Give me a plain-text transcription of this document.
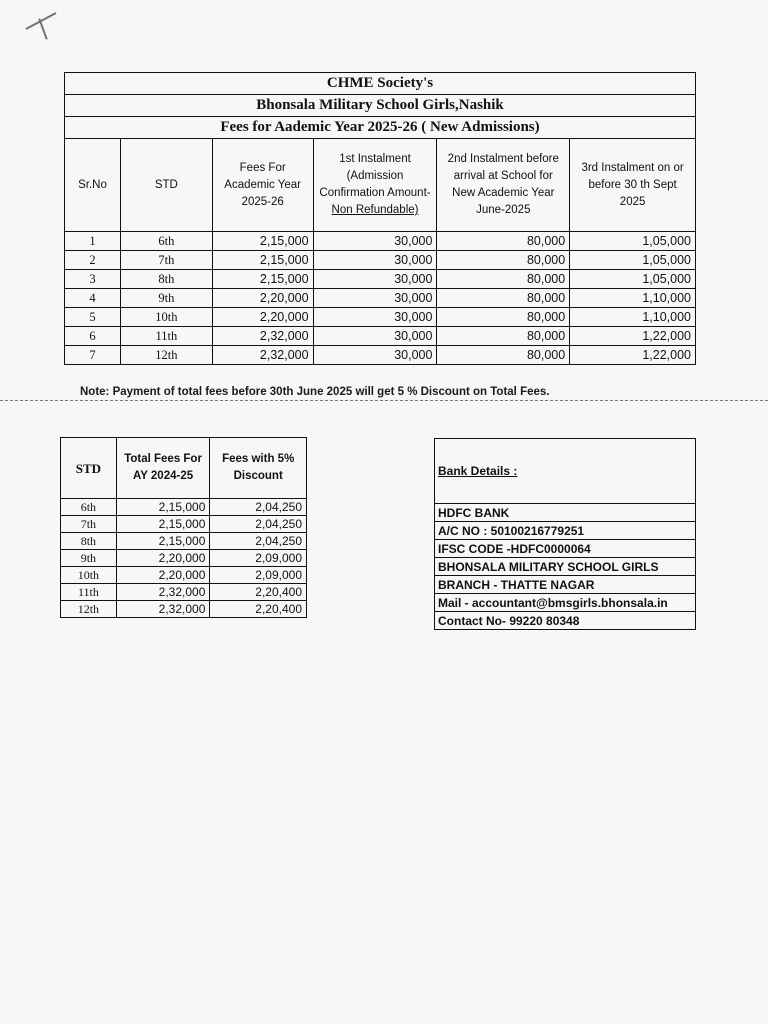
CHME Society's					
Bhonsala Military School Girls,Nashik					
Fees for Aademic Year 2025-26 ( New Admissions)					
Sr.No	STD	Fees For Academic Year 2025-26	1st Instalment (Admission Confirmation Amount-Non Refundable)	2nd Instalment before arrival at School for New Academic Year June-2025	3rd Instalment on or before 30 th Sept 2025
1	6th	2,15,000	30,000	80,000	1,05,000
2	7th	2,15,000	30,000	80,000	1,05,000
3	8th	2,15,000	30,000	80,000	1,05,000
4	9th	2,20,000	30,000	80,000	1,10,000
5	10th	2,20,000	30,000	80,000	1,10,000
6	11th	2,32,000	30,000	80,000	1,22,000
7	12th	2,32,000	30,000	80,000	1,22,000
Note: Payment of total fees before 30th June 2025 will get 5 % Discount on Total Fees.
STD	Total Fees For AY 2024-25	Fees with 5% Discount
6th	2,15,000	2,04,250
7th	2,15,000	2,04,250
8th	2,15,000	2,04,250
9th	2,20,000	2,09,000
10th	2,20,000	2,09,000
11th	2,32,000	2,20,400
12th	2,32,000	2,20,400
Bank Details :
HDFC BANK
A/C NO : 50100216779251
IFSC CODE -HDFC0000064
BHONSALA MILITARY SCHOOL GIRLS
BRANCH - THATTE NAGAR
Mail - accountant@bmsgirls.bhonsala.in
Contact No- 99220 80348
